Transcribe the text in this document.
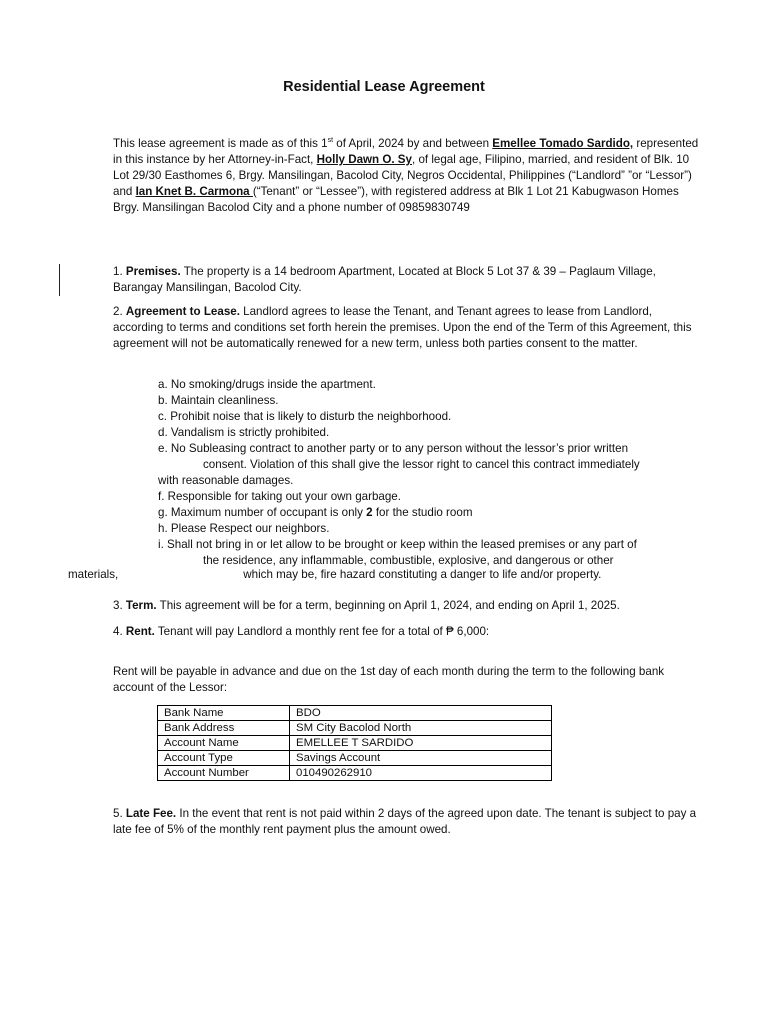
Residential Lease Agreement

This lease agreement is made as of this 1st of April, 2024 by and between Emellee Tomado Sardido, represented in this instance by her Attorney-in-Fact, Holly Dawn O. Sy, of legal age, Filipino, married, and resident of Blk. 10 Lot 29/30 Easthomes 6, Brgy. Mansilingan, Bacolod City, Negros Occidental, Philippines (“Landlord” ”or “Lessor”) and Ian Knet B. Carmona (“Tenant” or “Lessee”), with registered address at Blk 1 Lot 21 Kabugwason Homes Brgy. Mansilingan Bacolod City and a phone number of 09859830749

1. Premises. The property is a 14 bedroom Apartment, Located at Block 5 Lot 37 & 39 – Paglaum Village, Barangay Mansilingan, Bacolod City.

2. Agreement to Lease. Landlord agrees to lease the Tenant, and Tenant agrees to lease from Landlord, according to terms and conditions set forth herein the premises. Upon the end of the Term of this Agreement, this agreement will not be automatically renewed for a new term, unless both parties consent to the matter.

a. No smoking/drugs inside the apartment.
b. Maintain cleanliness.
c. Prohibit noise that is likely to disturb the neighborhood.
d. Vandalism is strictly prohibited.
e. No Subleasing contract to another party or to any person without the lessor’s prior written
consent. Violation of this shall give the lessor right to cancel this contract immediately
with reasonable damages.
f. Responsible for taking out your own garbage.
g. Maximum number of occupant is only 2 for the studio room
h. Please Respect our neighbors.
i. Shall not bring in or let allow to be brought or keep within the leased premises or any part of
the residence, any inflammable, combustible, explosive, and dangerous or other
materials,	which may be, fire hazard constituting a danger to life and/or property.

3. Term. This agreement will be for a term, beginning on April 1, 2024, and ending on April 1, 2025.

4. Rent. Tenant will pay Landlord a monthly rent fee for a total of ₱ 6,000:

Rent will be payable in advance and due on the 1st day of each month during the term to the following bank account of the Lessor:

Bank Name	BDO
Bank Address	SM City Bacolod North
Account Name	EMELLEE T SARDIDO
Account Type	Savings Account
Account Number	010490262910

5. Late Fee. In the event that rent is not paid within 2 days of the agreed upon date. The tenant is subject to pay a late fee of 5% of the monthly rent payment plus the amount owed.
